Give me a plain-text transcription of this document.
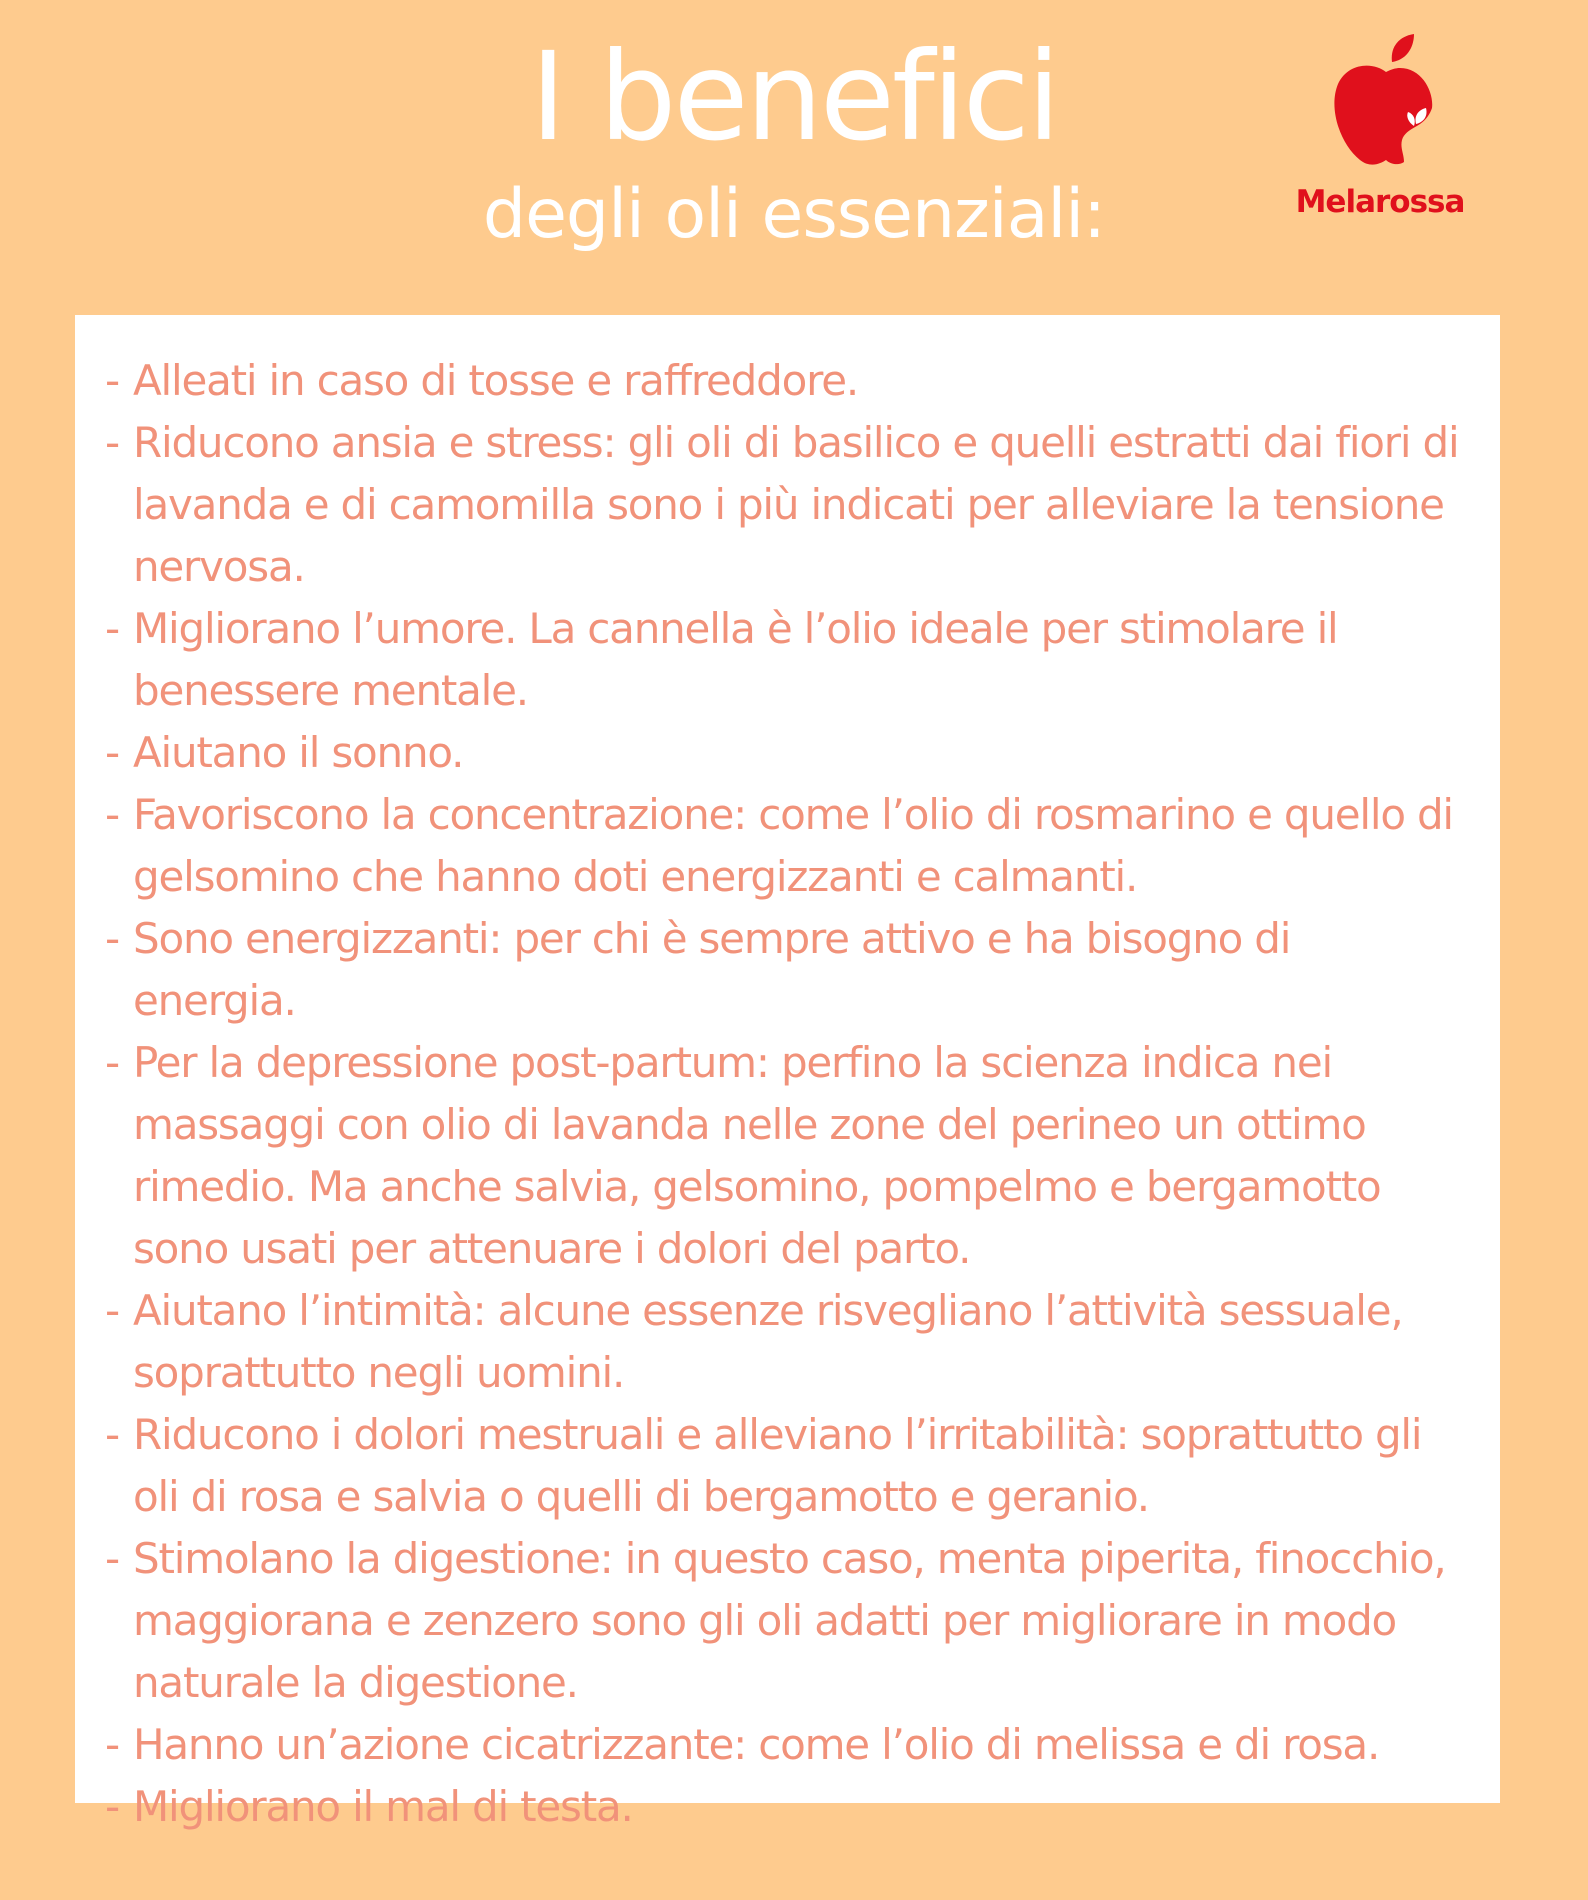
I benefici
degli oli essenziali:	Melarossa
- Alleati in caso di tosse e raffreddore.
- Riducono ansia e stress: gli oli di basilico e quelli estratti dai fiori di lavanda e di camomilla sono i più indicati per alleviare la tensione nervosa.
- Migliorano l’umore. La cannella è l’olio ideale per stimolare il benessere mentale.
- Aiutano il sonno.
- Favoriscono la concentrazione: come l’olio di rosmarino e quello di gelsomino che hanno doti energizzanti e calmanti.
- Sono energizzanti: per chi è sempre attivo e ha bisogno di energia.
- Per la depressione post-partum: perfino la scienza indica nei massaggi con olio di lavanda nelle zone del perineo un ottimo rimedio. Ma anche salvia, gelsomino, pompelmo e bergamotto sono usati per attenuare i dolori del parto.
- Aiutano l’intimità: alcune essenze risvegliano l’attività sessuale, soprattutto negli uomini.
- Riducono i dolori mestruali e alleviano l’irritabilità: soprattutto gli oli di rosa e salvia o quelli di bergamotto e geranio.
- Stimolano la digestione: in questo caso, menta piperita, finocchio, maggiorana e zenzero sono gli oli adatti per migliorare in modo naturale la digestione.
- Hanno un’azione cicatrizzante: come l’olio di melissa e di rosa.
- Migliorano il mal di testa.
